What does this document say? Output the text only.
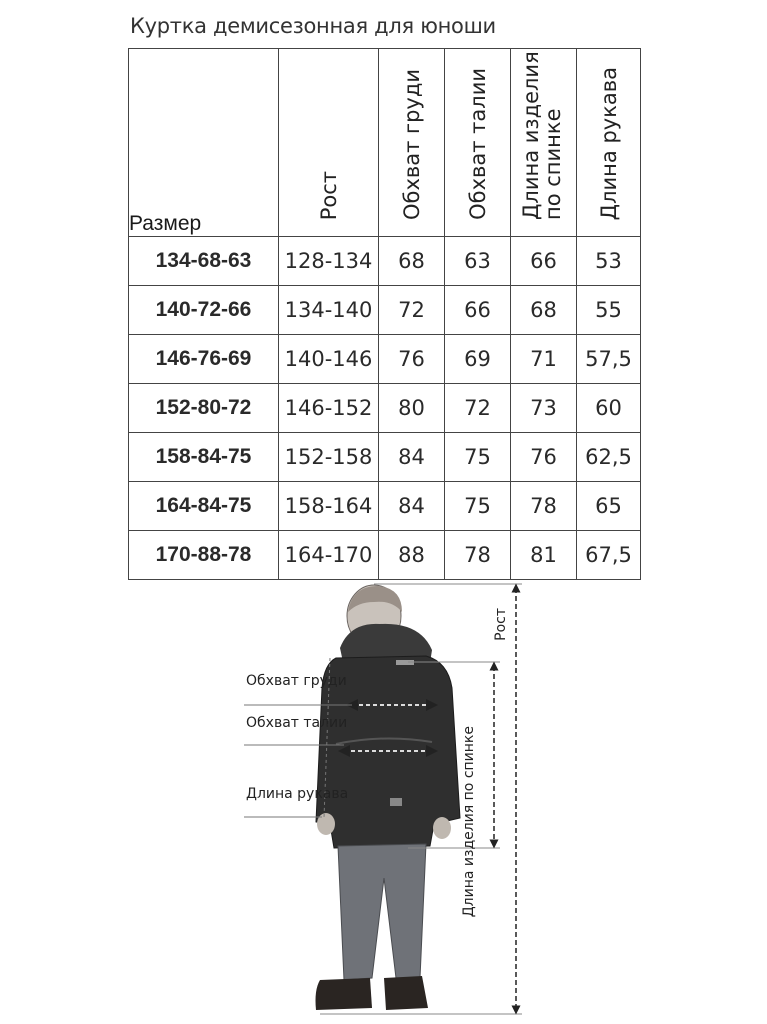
Куртка демисезонная для юноши
Размер	Рост	Обхват груди	Обхват талии	Длина изделия по спинке	Длина рукава
134-68-63	128-134	68	63	66	53
140-72-66	134-140	72	66	68	55
146-76-69	140-146	76	69	71	57,5
152-80-72	146-152	80	72	73	60
158-84-75	152-158	84	75	76	62,5
164-84-75	158-164	84	75	78	65
170-88-78	164-170	88	78	81	67,5
Обхват груди
Обхват талии
Длина рукава	Длина изделия по спинке
Рост
